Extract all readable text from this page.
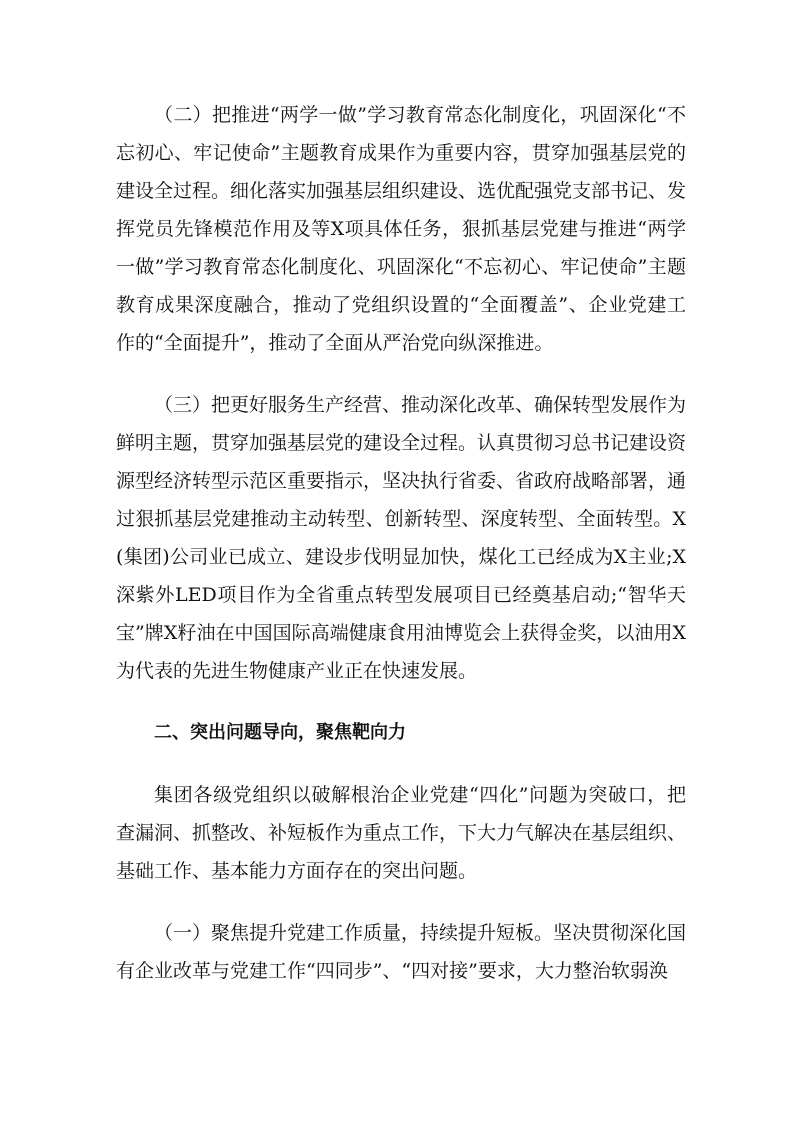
（二）把推进“两学一做”学习教育常态化制度化，巩固深化“不忘初心、牢记使命”主题教育成果作为重要内容，贯穿加强基层党的建设全过程。细化落实加强基层组织建设、选优配强党支部书记、发挥党员先锋模范作用及等X项具体任务，狠抓基层党建与推进“两学一做”学习教育常态化制度化、巩固深化“不忘初心、牢记使命”主题教育成果深度融合，推动了党组织设置的“全面覆盖”、企业党建工作的“全面提升”，推动了全面从严治党向纵深推进。

（三）把更好服务生产经营、推动深化改革、确保转型发展作为鲜明主题，贯穿加强基层党的建设全过程。认真贯彻习总书记建设资源型经济转型示范区重要指示，坚决执行省委、省政府战略部署，通过狠抓基层党建推动主动转型、创新转型、深度转型、全面转型。X(集团)公司业已成立、建设步伐明显加快，煤化工已经成为X主业;X深紫外LED项目作为全省重点转型发展项目已经奠基启动;“智华天宝”牌X籽油在中国国际高端健康食用油博览会上获得金奖，以油用X为代表的先进生物健康产业正在快速发展。

二、突出问题导向，聚焦靶向力

集团各级党组织以破解根治企业党建“四化”问题为突破口，把查漏洞、抓整改、补短板作为重点工作，下大力气解决在基层组织、基础工作、基本能力方面存在的突出问题。

（一）聚焦提升党建工作质量，持续提升短板。坚决贯彻深化国有企业改革与党建工作“四同步”、“四对接”要求，大力整治软弱涣
